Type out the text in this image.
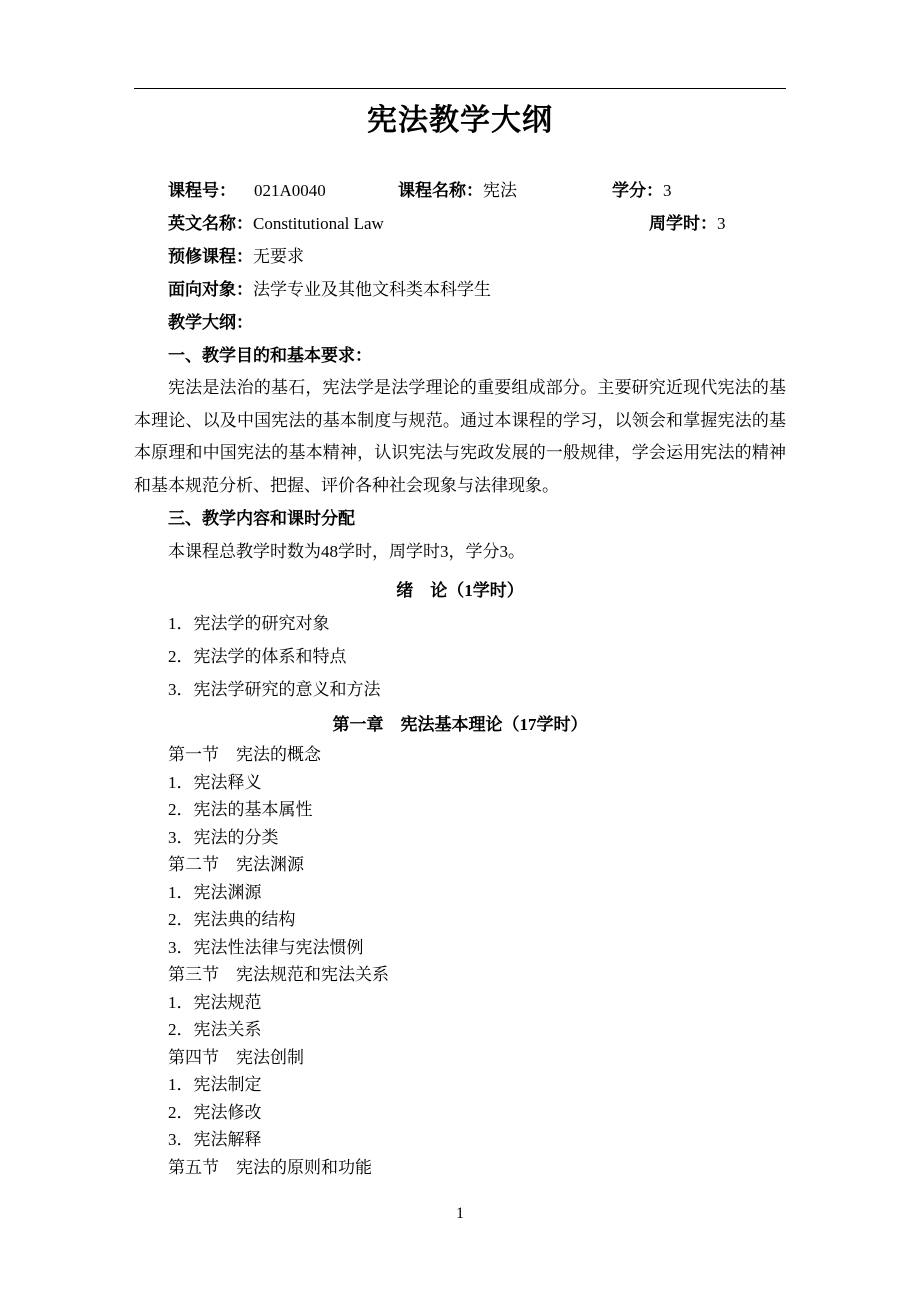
宪法教学大纲
课程号： 021A0040	课程名称：宪法	学分：3
英文名称：Constitutional Law	周学时：3
预修课程：无要求
面向对象：法学专业及其他文科类本科学生
教学大纲：
一、教学目的和基本要求：
宪法是法治的基石，宪法学是法学理论的重要组成部分。主要研究近现代宪法的基本理论、以及中国宪法的基本制度与规范。通过本课程的学习，以领会和掌握宪法的基本原理和中国宪法的基本精神，认识宪法与宪政发展的一般规律，学会运用宪法的精神和基本规范分析、把握、评价各种社会现象与法律现象。
三、教学内容和课时分配
本课程总教学时数为48学时，周学时3，学分3。
绪　论（1学时）
1．宪法学的研究对象
2．宪法学的体系和特点
3．宪法学研究的意义和方法
第一章　宪法基本理论（17学时）
第一节　宪法的概念
1．宪法释义
2．宪法的基本属性
3．宪法的分类
第二节　宪法渊源
1．宪法渊源
2．宪法典的结构
3．宪法性法律与宪法惯例
第三节　宪法规范和宪法关系
1．宪法规范
2．宪法关系
第四节　宪法创制
1．宪法制定
2．宪法修改
3．宪法解释
第五节　宪法的原则和功能
1
